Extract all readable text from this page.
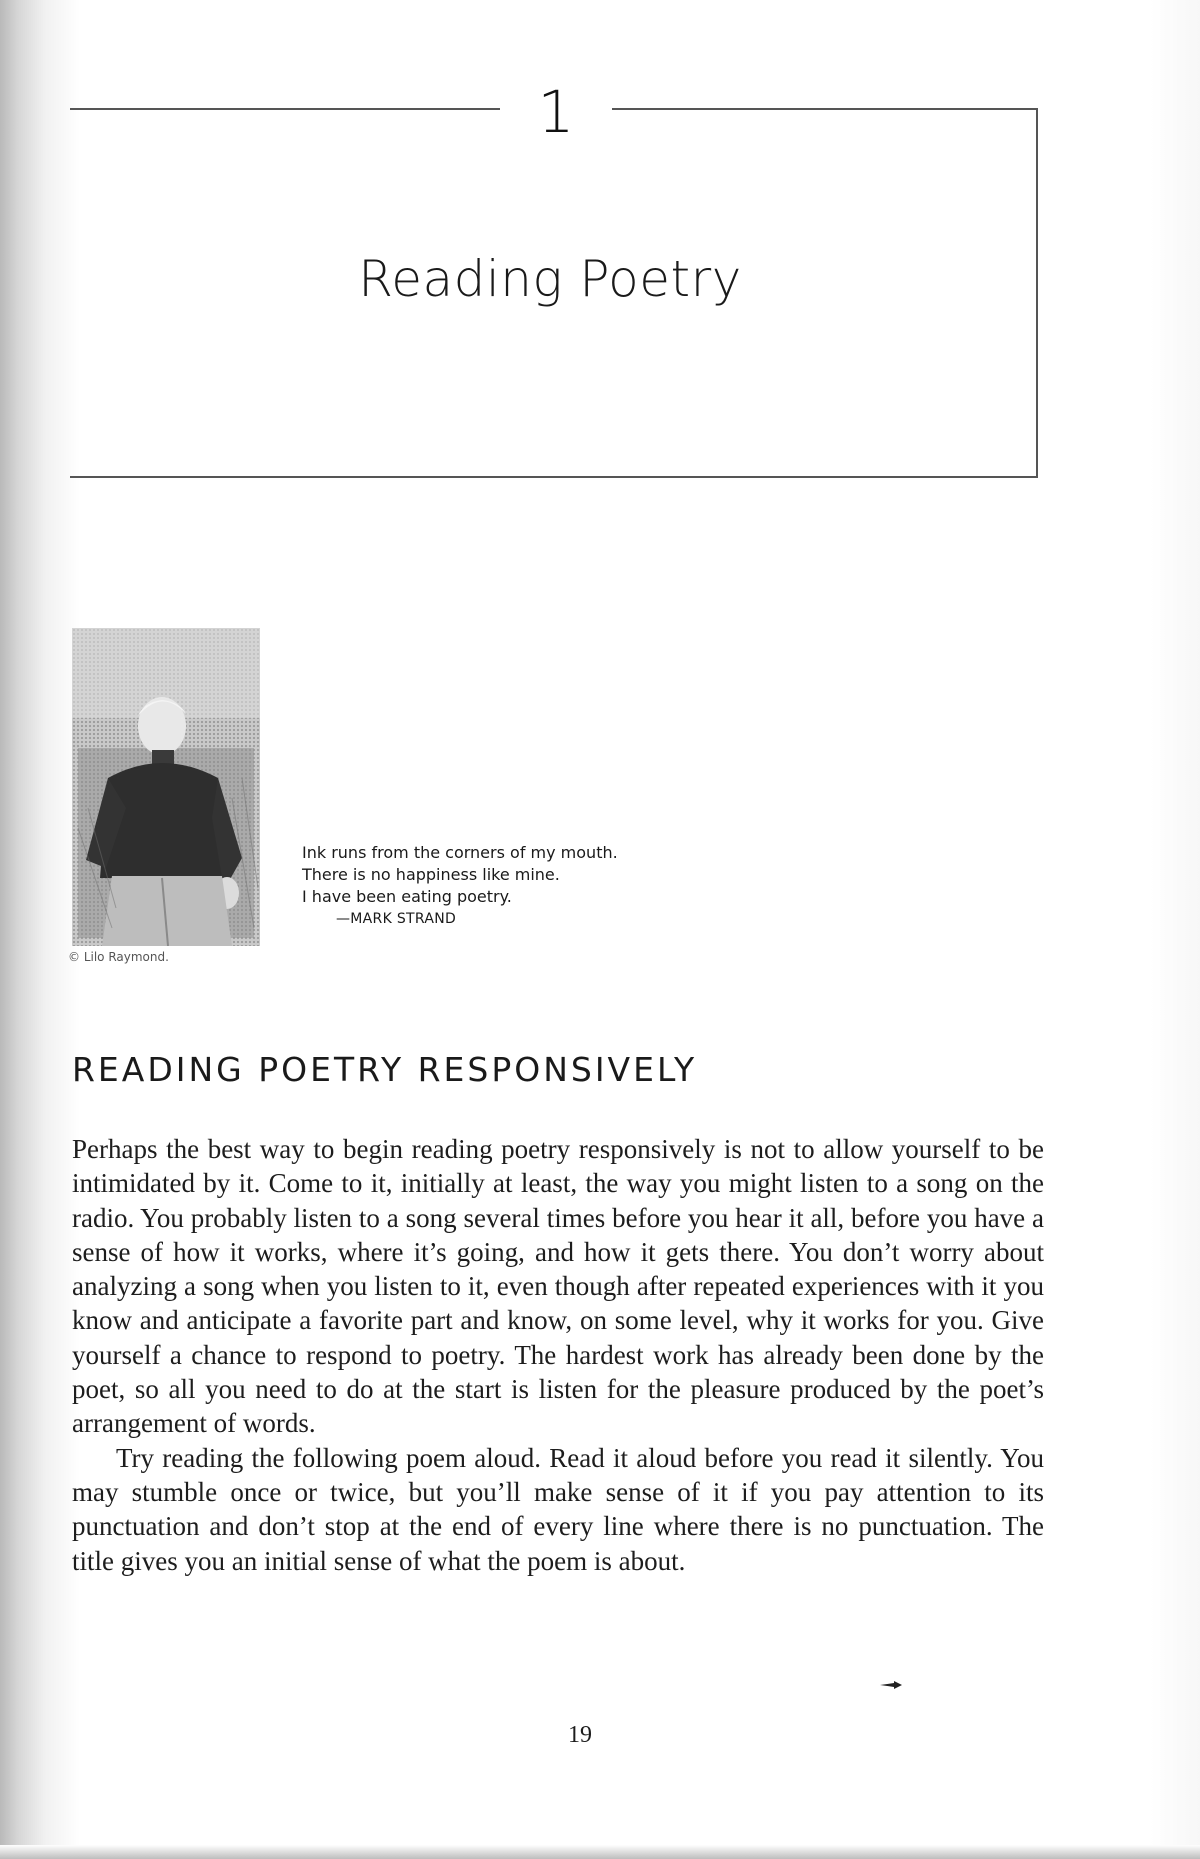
1
Reading Poetry
© Lilo Raymond.
Ink runs from the corners of my mouth.
There is no happiness like mine.
I have been eating poetry.
—MARK STRAND
READING POETRY RESPONSIVELY

Perhaps the best way to begin reading poetry responsively is not to allow yourself to be intimidated by it. Come to it, initially at least, the way you might listen to a song on the radio. You probably listen to a song several times before you hear it all, before you have a sense of how it works, where it’s going, and how it gets there. You don’t worry about analyzing a song when you listen to it, even though after repeated experiences with it you know and anticipate a favorite part and know, on some level, why it works for you. Give yourself a chance to respond to poetry. The hardest work has already been done by the poet, so all you need to do at the start is listen for the pleasure produced by the poet’s arrangement of words.

Try reading the following poem aloud. Read it aloud before you read it silently. You may stumble once or twice, but you’ll make sense of it if you pay attention to its punctuation and don’t stop at the end of every line where there is no punctuation. The title gives you an initial sense of what the poem is about.

19
